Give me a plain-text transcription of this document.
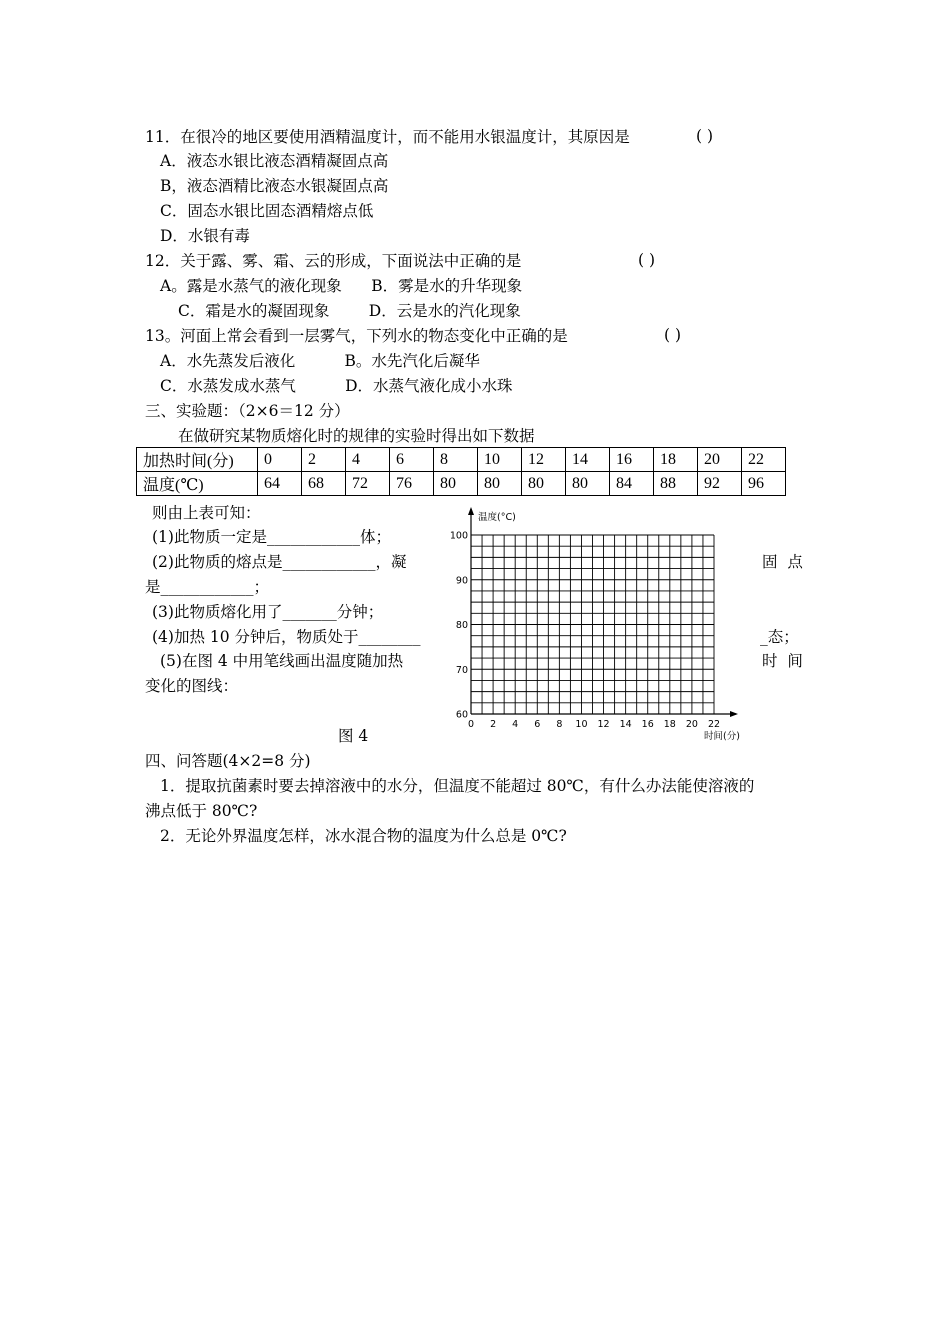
11．在很冷的地区要使用酒精温度计，而不能用水银温度计，其原因是	( )
A．液态水银比液态酒精凝固点高
B，液态酒精比液态水银凝固点高
C．固态水银比固态酒精熔点低
D．水银有毒
12．关于露、雾、霜、云的形成，下面说法中正确的是	( )
A。露是水蒸气的液化现象      B．雾是水的升华现象
C．霜是水的凝固现象        D．云是水的汽化现象
13。河面上常会看到一层雾气，下列水的物态变化中正确的是	( )
A．水先蒸发后液化          B。水先汽化后凝华
C．水蒸发成水蒸气          D．水蒸气液化成小水珠
三、实验题：（2×6＝12 分）
在做研究某物质熔化时的规律的实验时得出如下数据
加热时间(分)	0	2	4	6	8	10	12	14	16	18	20	22
温度(℃)	64	68	72	76	80	80	80	80	84	88	92	96
则由上表可知：
(1)此物质一定是____________体；
(2)此物质的熔点是____________，凝	固  点
是____________；
(3)此物质熔化用了_______分钟；
(4)加热 10 分钟后，物质处于________	_态；
(5)在图 4 中用笔线画出温度随加热	时  间
变化的图线：
图 4
温度(°C)
时间(分)
100
90
80
70
60
0 2 4 6 8 10 12 14 16 18 20 22
四、问答题(4×2=8 分)
1．提取抗菌素时要去掉溶液中的水分，但温度不能超过 80℃，有什么办法能使溶液的
沸点低于 80℃?
2．无论外界温度怎样，冰水混合物的温度为什么总是 0℃?
